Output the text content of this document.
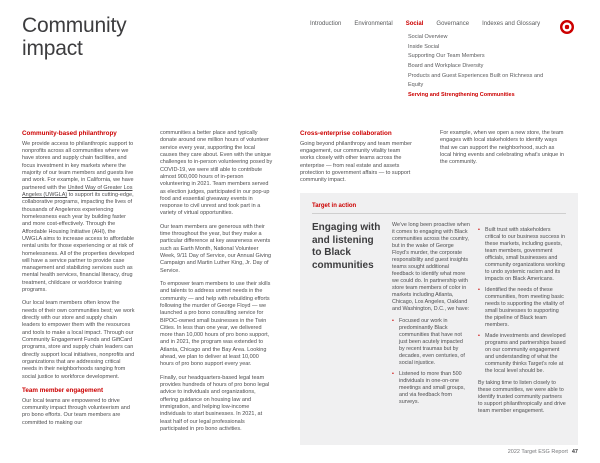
Community
impact
Introduction Environmental Social Governance Indexes and Glossary
Social Overview
Inside Social
Supporting Our Team Members
Board and Workplace Diversity
Products and Guest Experiences Built on Richness and Equity
Serving and Strengthening Communities
Community-based philanthropy

We provide access to philanthropic support to nonprofits across all communities where we have stores and supply chain facilities, and focus investment in key markets where the majority of our team members and guests live and work. For example, in California, we have partnered with the United Way of Greater Los Angeles (UWGLA) to support its cutting-edge, collaborative programs, impacting the lives of thousands of Angelenos experiencing homelessness each year by building faster and more cost-effectively. Through the Affordable Housing Initiative (AHI), the UWGLA aims to increase access to affordable rental units for those experiencing or at risk of homelessness. All of the properties developed will have a service partner to provide case management and stabilizing services such as mental health services, financial literacy, drug treatment, childcare or workforce training programs.

Our local team members often know the needs of their own communities best; we work directly with our store and supply chain leaders to empower them with the resources and tools to make a local impact. Through our Community Engagement Funds and GiftCard programs, store and supply chain leaders can directly support local initiatives, nonprofits and organizations that are addressing critical needs in their neighborhoods ranging from social justice to workforce development.

Team member engagement

Our local teams are empowered to drive community impact through volunteerism and pro bono efforts. Our team members are committed to making our

communities a better place and typically donate around one million hours of volunteer service every year, supporting the local causes they care about. Even with the unique challenges to in-person volunteering posed by COVID-19, we were still able to contribute almost 900,000 hours of in-person volunteering in 2021. Team members served as election judges, participated in our pop-up food and essential giveaway events in response to civil unrest and took part in a variety of virtual opportunities.

Our team members are generous with their time throughout the year, but they make a particular difference at key awareness events such as Earth Month, National Volunteer Week, 9/11 Day of Service, our Annual Giving Campaign and Martin Luther King, Jr. Day of Service.

To empower team members to use their skills and talents to address unmet needs in the community — and help with rebuilding efforts following the murder of George Floyd — we launched a pro bono consulting service for BIPOC-owned small businesses in the Twin Cities. In less than one year, we delivered more than 10,000 hours of pro bono support, and in 2021, the program was extended to Atlanta, Chicago and the Bay Area. Looking ahead, we plan to deliver at least 10,000 hours of pro bono support every year.

Finally, our headquarters-based legal team provides hundreds of hours of pro bono legal advice to individuals and organizations, offering guidance on housing law and immigration, and helping low-income individuals to start businesses. In 2021, at least half of our legal professionals participated in pro bono activities.

Cross-enterprise collaboration

Going beyond philanthropy and team member engagement, our community vitality team works closely with other teams across the enterprise — from real estate and assets protection to government affairs — to support community impact.

For example, when we open a new store, the team engages with local stakeholders to identify ways that we can support the neighborhood, such as local hiring events and celebrating what’s unique in the community.

Target in action
Engaging with and listening to Black communities

We’ve long been proactive when it comes to engaging with Black communities across the country, but in the wake of George Floyd’s murder, the corporate responsibility and guest insights teams sought additional feedback to identify what more we could do. In partnership with store team members of color in markets including Atlanta, Chicago, Los Angeles, Oakland and Washington, D.C., we have:

• Focused our work in predominantly Black communities that have not just been acutely impacted by recent traumas but by decades, even centuries, of social injustice.
• Listened to more than 500 individuals in one-on-one meetings and small groups, and via feedback from surveys.
• Built trust with stakeholders critical to our business success in these markets, including guests, team members, government officials, small businesses and community organizations working to undo systemic racism and its impacts on Black Americans.
• Identified the needs of these communities, from meeting basic needs to supporting the vitality of small businesses to supporting the pipeline of Black team members.
• Made investments and developed programs and partnerships based on our community engagement and understanding of what the community thinks Target’s role at the local level should be.

By taking time to listen closely to these communities, we were able to identify trusted community partners to support philanthropically and drive team member engagement.

2022 Target ESG Report 47
